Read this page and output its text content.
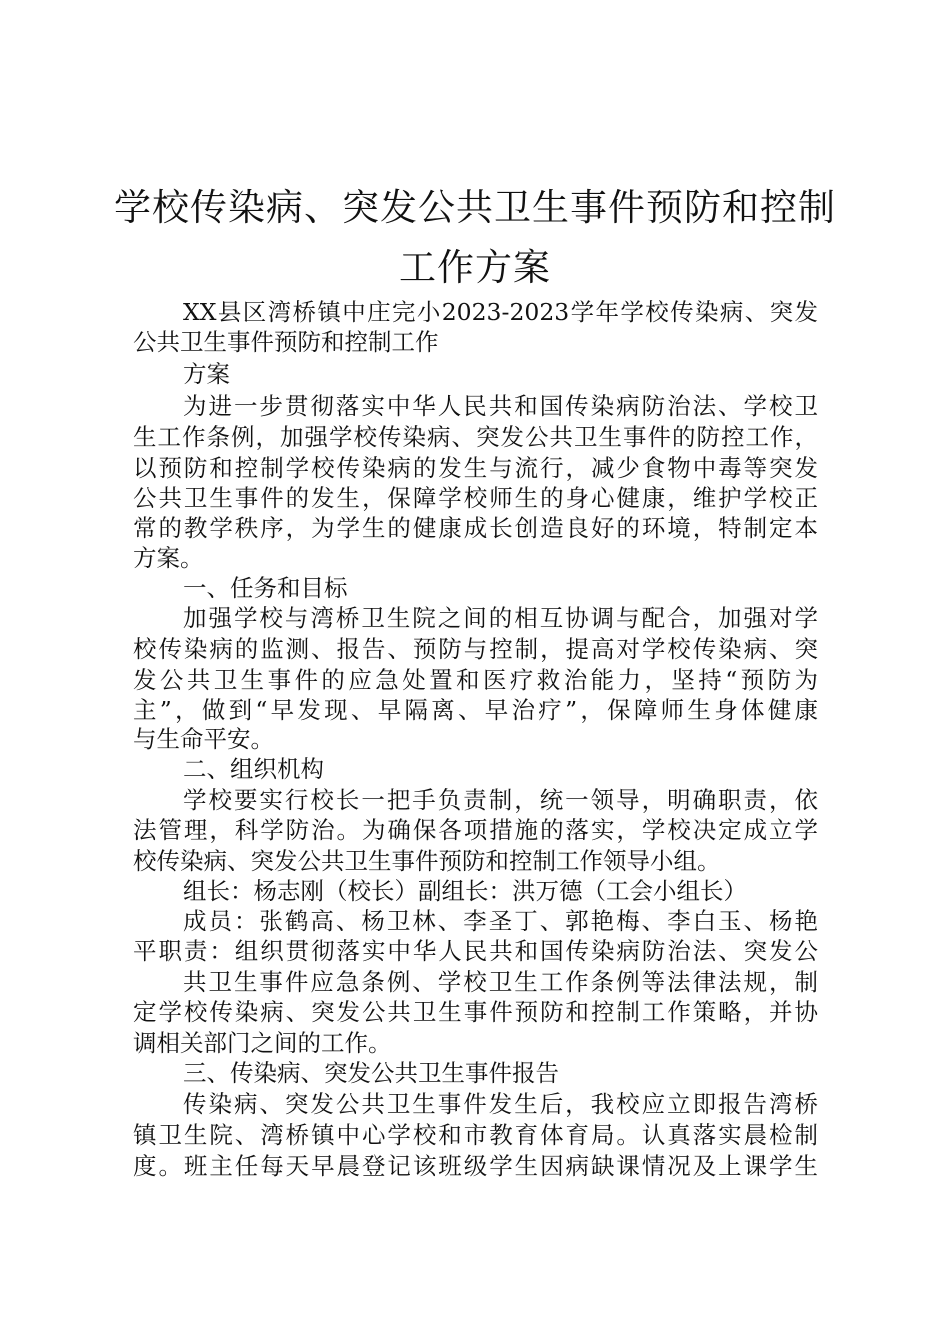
学校传染病、突发公共卫生事件预防和控制
工作方案
XX县区湾桥镇中庄完小2023-2023学年学校传染病、突发
公共卫生事件预防和控制工作
方案
为进一步贯彻落实中华人民共和国传染病防治法、学校卫
生工作条例，加强学校传染病、突发公共卫生事件的防控工作，
以预防和控制学校传染病的发生与流行，减少食物中毒等突发
公共卫生事件的发生，保障学校师生的身心健康，维护学校正
常的教学秩序，为学生的健康成长创造良好的环境，特制定本
方案。
一、任务和目标
加强学校与湾桥卫生院之间的相互协调与配合，加强对学
校传染病的监测、报告、预防与控制，提高对学校传染病、突
发公共卫生事件的应急处置和医疗救治能力，坚持“预防为
主”，做到“早发现、早隔离、早治疗”，保障师生身体健康
与生命平安。
二、组织机构
学校要实行校长一把手负责制，统一领导，明确职责，依
法管理，科学防治。为确保各项措施的落实，学校决定成立学
校传染病、突发公共卫生事件预防和控制工作领导小组。
组长：杨志刚（校长）副组长：洪万德（工会小组长）
成员：张鹤高、杨卫林、李圣丁、郭艳梅、李白玉、杨艳
平职责：组织贯彻落实中华人民共和国传染病防治法、突发公
共卫生事件应急条例、学校卫生工作条例等法律法规，制
定学校传染病、突发公共卫生事件预防和控制工作策略，并协
调相关部门之间的工作。
三、传染病、突发公共卫生事件报告
传染病、突发公共卫生事件发生后，我校应立即报告湾桥
镇卫生院、湾桥镇中心学校和市教育体育局。认真落实晨检制
度。班主任每天早晨登记该班级学生因病缺课情况及上课学生
